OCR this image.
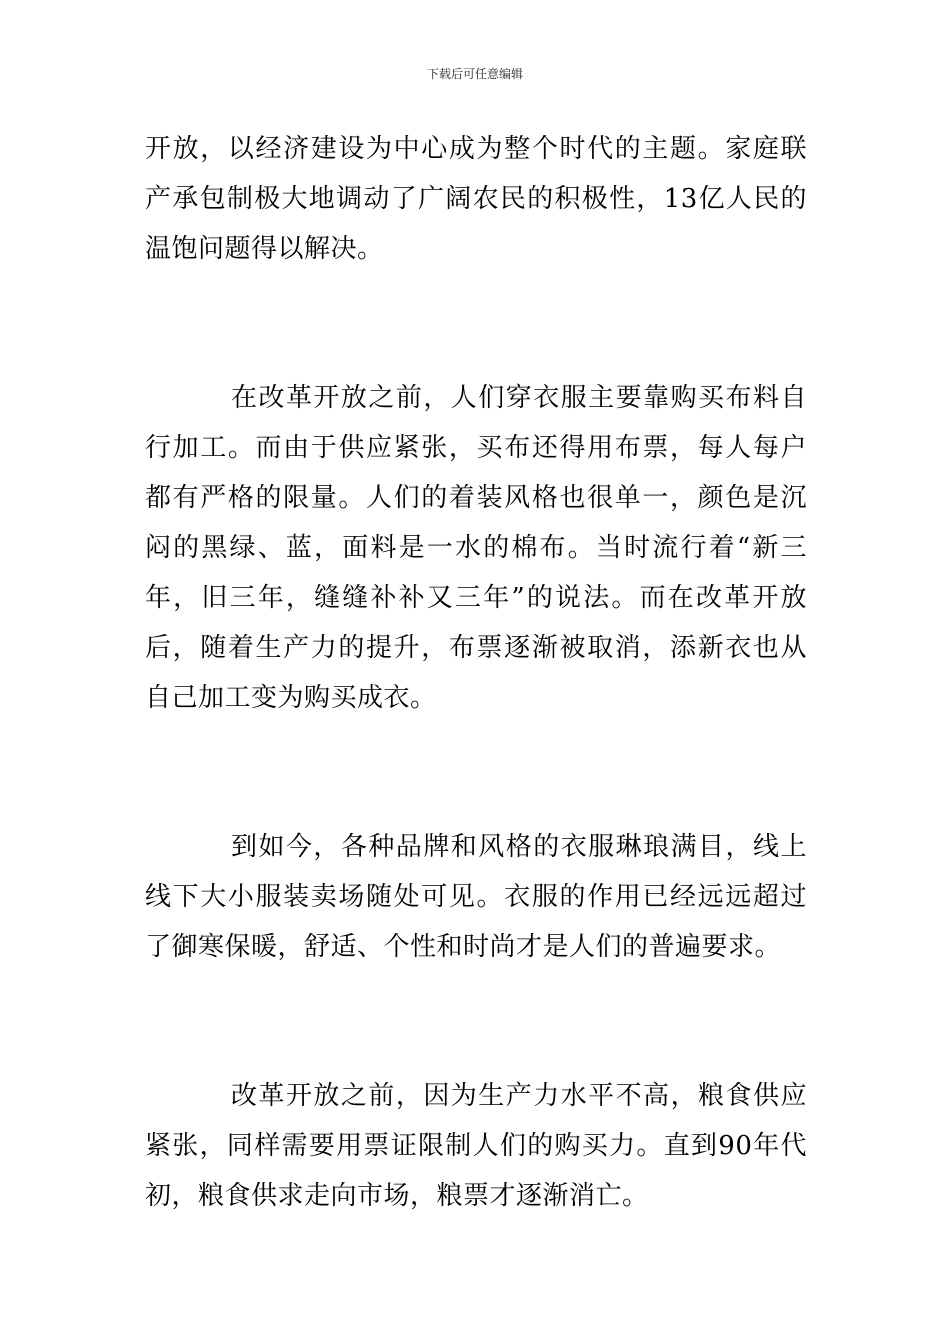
下载后可任意编辑

开放，以经济建设为中心成为整个时代的主题。家庭联产承包制极大地调动了广阔农民的积极性，13亿人民的温饱问题得以解决。

在改革开放之前，人们穿衣服主要靠购买布料自行加工。而由于供应紧张，买布还得用布票，每人每户都有严格的限量。人们的着装风格也很单一，颜色是沉闷的黑绿、蓝，面料是一水的棉布。当时流行着“新三年，旧三年，缝缝补补又三年”的说法。而在改革开放后，随着生产力的提升，布票逐渐被取消，添新衣也从自己加工变为购买成衣。

到如今，各种品牌和风格的衣服琳琅满目，线上线下大小服装卖场随处可见。衣服的作用已经远远超过了御寒保暖，舒适、个性和时尚才是人们的普遍要求。

改革开放之前，因为生产力水平不高，粮食供应紧张，同样需要用票证限制人们的购买力。直到90年代初，粮食供求走向市场，粮票才逐渐消亡。
